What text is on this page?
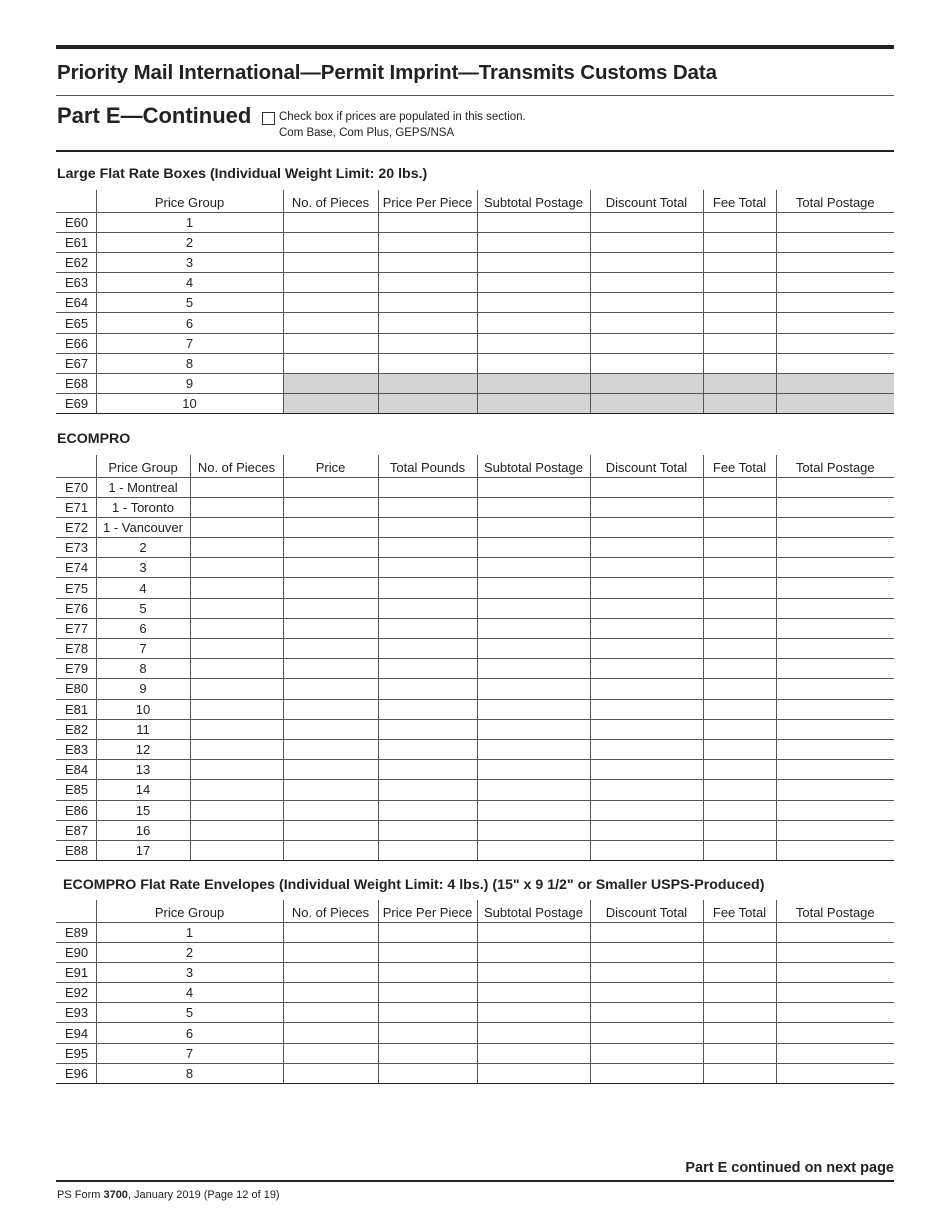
Priority Mail International—Permit Imprint—Transmits Customs Data
Part E—Continued Check box if prices are populated in this section.
Com Base, Com Plus, GEPS/NSA
Large Flat Rate Boxes (Individual Weight Limit: 20 lbs.)
	Price Group	No. of Pieces	Price Per Piece	Subtotal Postage	Discount Total	Fee Total	Total Postage
E60	1						
E61	2						
E62	3						
E63	4						
E64	5						
E65	6						
E66	7						
E67	8						
E68	9						
E69	10						
ECOMPRO
	Price Group	No. of Pieces	Price	Total Pounds	Subtotal Postage	Discount Total	Fee Total	Total Postage
E70	1 - Montreal							
E71	1 - Toronto							
E72	1 - Vancouver							
E73	2							
E74	3							
E75	4							
E76	5							
E77	6							
E78	7							
E79	8							
E80	9							
E81	10							
E82	11							
E83	12							
E84	13							
E85	14							
E86	15							
E87	16							
E88	17							
ECOMPRO Flat Rate Envelopes (Individual Weight Limit: 4 lbs.) (15" x 9 1/2" or Smaller USPS-Produced)
	Price Group	No. of Pieces	Price Per Piece	Subtotal Postage	Discount Total	Fee Total	Total Postage
E89	1						
E90	2						
E91	3						
E92	4						
E93	5						
E94	6						
E95	7						
E96	8						
Part E continued on next page
PS Form 3700, January 2019 (Page 12 of 19)
